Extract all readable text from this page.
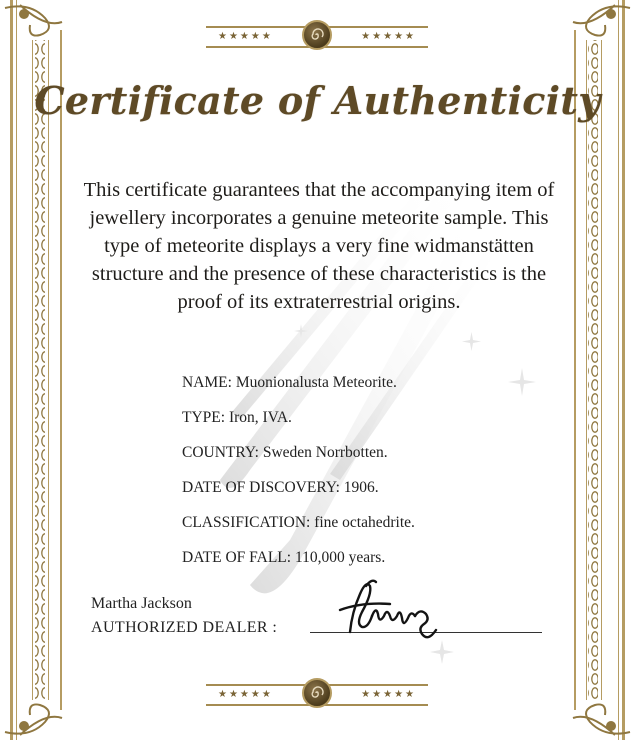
★★★★★	★★★★★
Certificate of Authenticity
This certificate guarantees that the accompanying item of jewellery incorporates a genuine meteorite sample. This type of meteorite displays a very fine widmanstätten structure and the presence of these characteristics is the proof of its extraterrestrial origins.
NAME: Muonionalusta Meteorite.
TYPE: Iron, IVA.
COUNTRY: Sweden Norrbotten.
DATE OF DISCOVERY: 1906.
CLASSIFICATION: fine octahedrite.
DATE OF FALL: 110,000 years.
Martha Jackson
AUTHORIZED DEALER :
★★★★★	★★★★★
